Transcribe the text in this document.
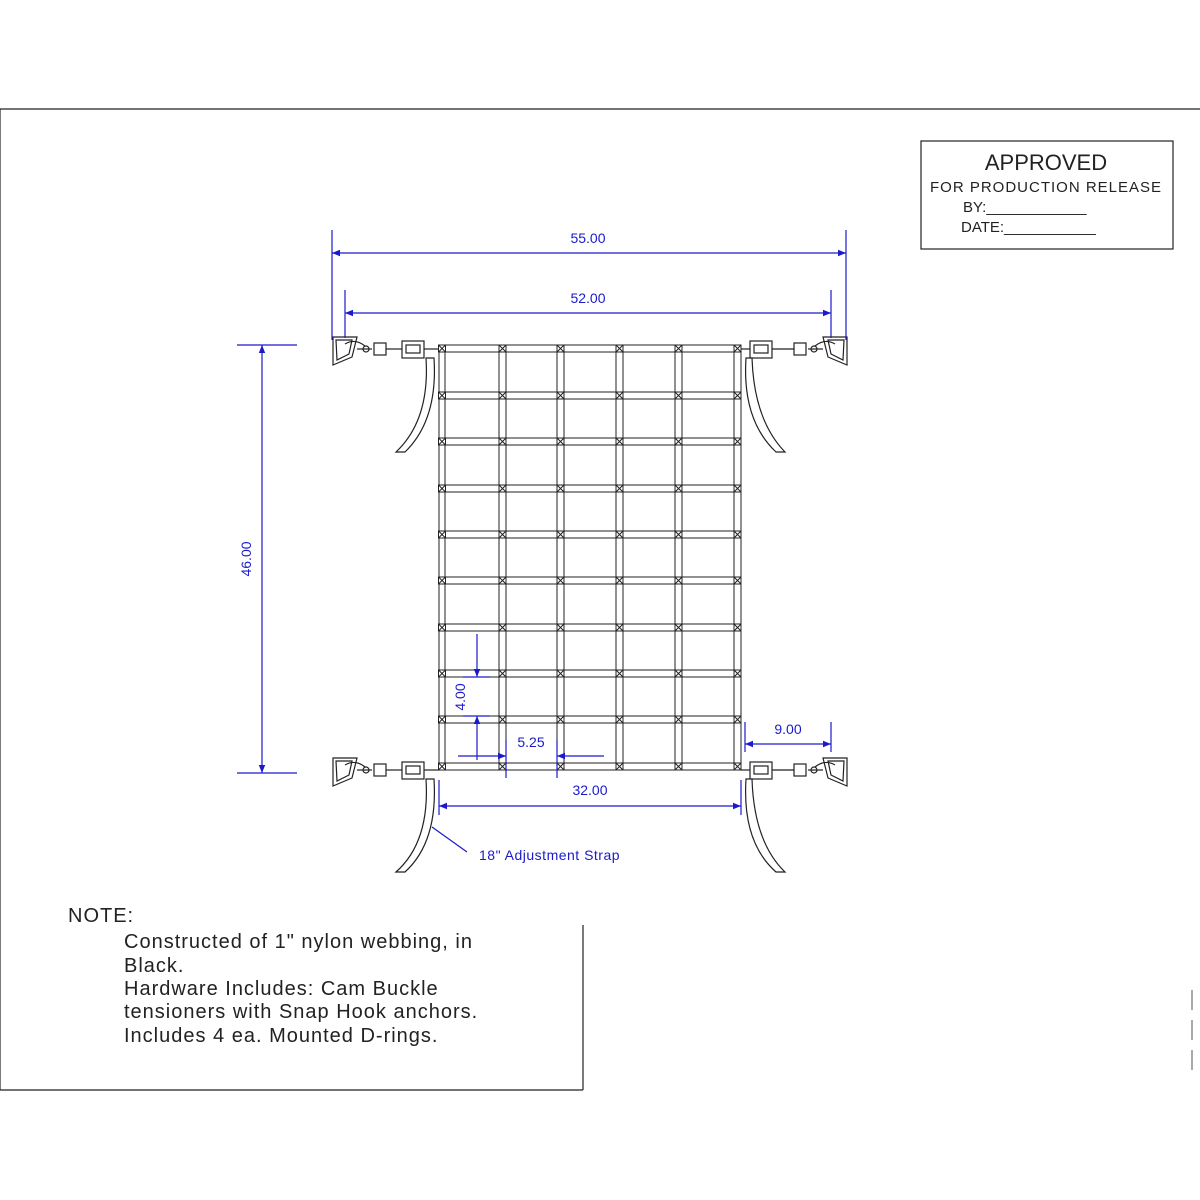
APPROVED
FOR PRODUCTION RELEASE
BY:____________
DATE:___________
55.00
52.00
46.00
4.00
5.25
32.00
9.00
18" Adjustment Strap
NOTE:
Constructed of 1" nylon webbing, in
Black.
Hardware Includes: Cam Buckle
tensioners with Snap Hook anchors.
Includes 4 ea. Mounted D-rings.
